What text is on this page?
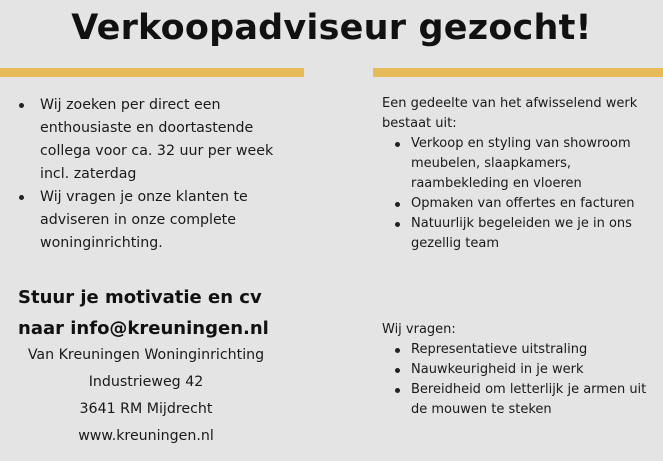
Verkoopadviseur gezocht!
Wij zoeken per direct een enthousiaste en doortastende collega voor ca. 32 uur per week incl. zaterdag
Wij vragen je onze klanten te adviseren in onze complete woninginrichting.
Stuur je motivatie en cv
naar info@kreuningen.nl
Van Kreuningen Woninginrichting
Industrieweg 42
3641 RM Mijdrecht
www.kreuningen.nl
Een gedeelte van het afwisselend werk bestaat uit:
Verkoop en styling van showroom meubelen, slaapkamers, raambekleding en vloeren
Opmaken van offertes en facturen
Natuurlijk begeleiden we je in ons gezellig team
Wij vragen:
Representatieve uitstraling
Nauwkeurigheid in je werk
Bereidheid om letterlijk je armen uit de mouwen te steken
